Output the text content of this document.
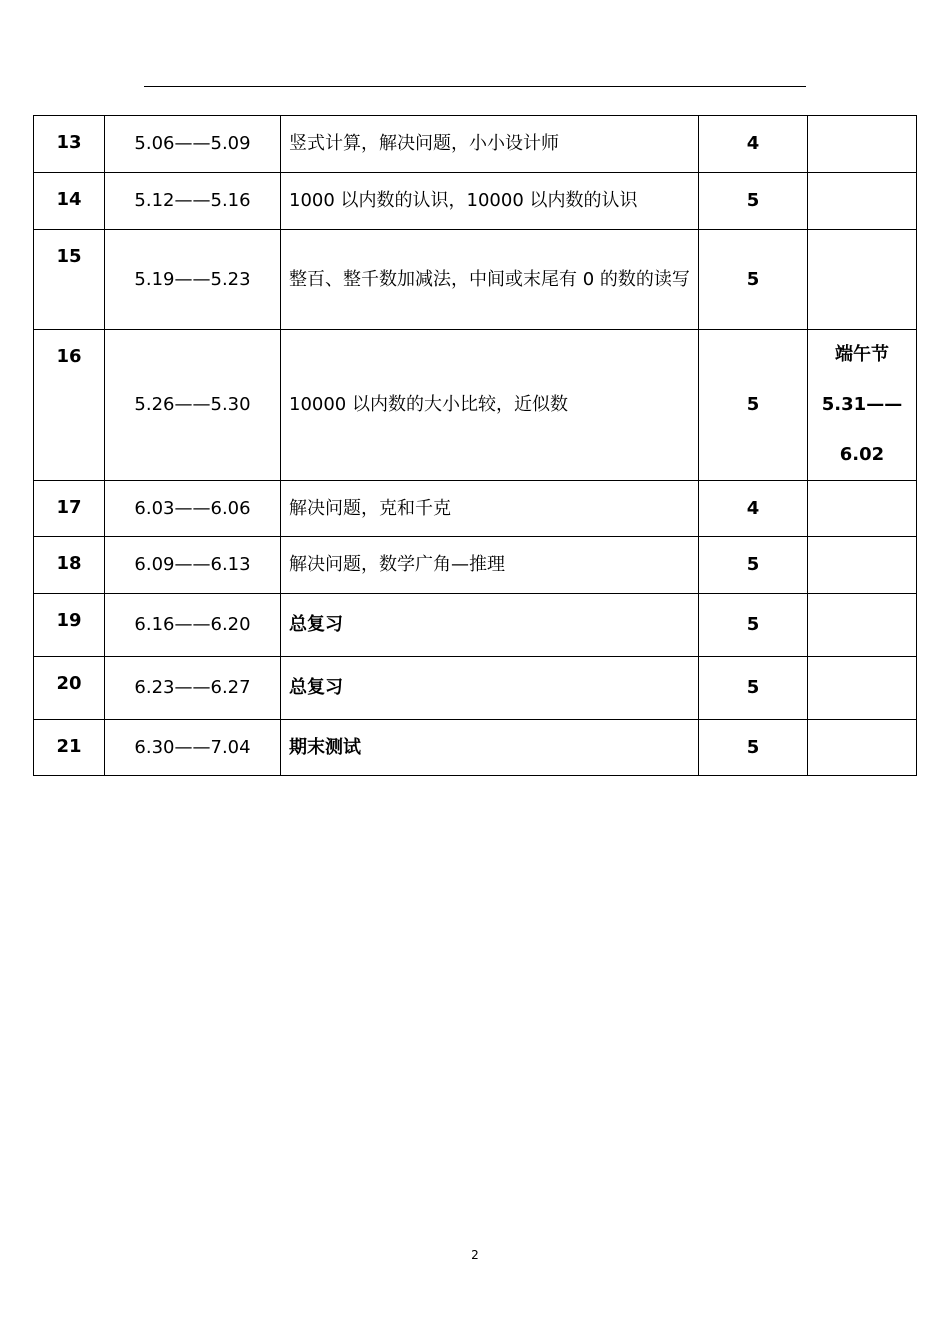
13	5.06——5.09	竖式计算，解决问题，小小设计师	4	
14	5.12——5.16	1000 以内数的认识，10000 以内数的认识	5	
15	5.19——5.23	整百、整千数加减法，中间或末尾有 0 的数的读写	5	
16	5.26——5.30	10000 以内数的大小比较，近似数	5	端午节
5.31——
6.02

17	6.03——6.06	解决问题，克和千克	4	
18	6.09——6.13	解决问题，数学广角—推理	5	
19	6.16——6.20	总复习	5	
20	6.23——6.27	总复习	5	
21	6.30——7.04	期末测试	5	
2
